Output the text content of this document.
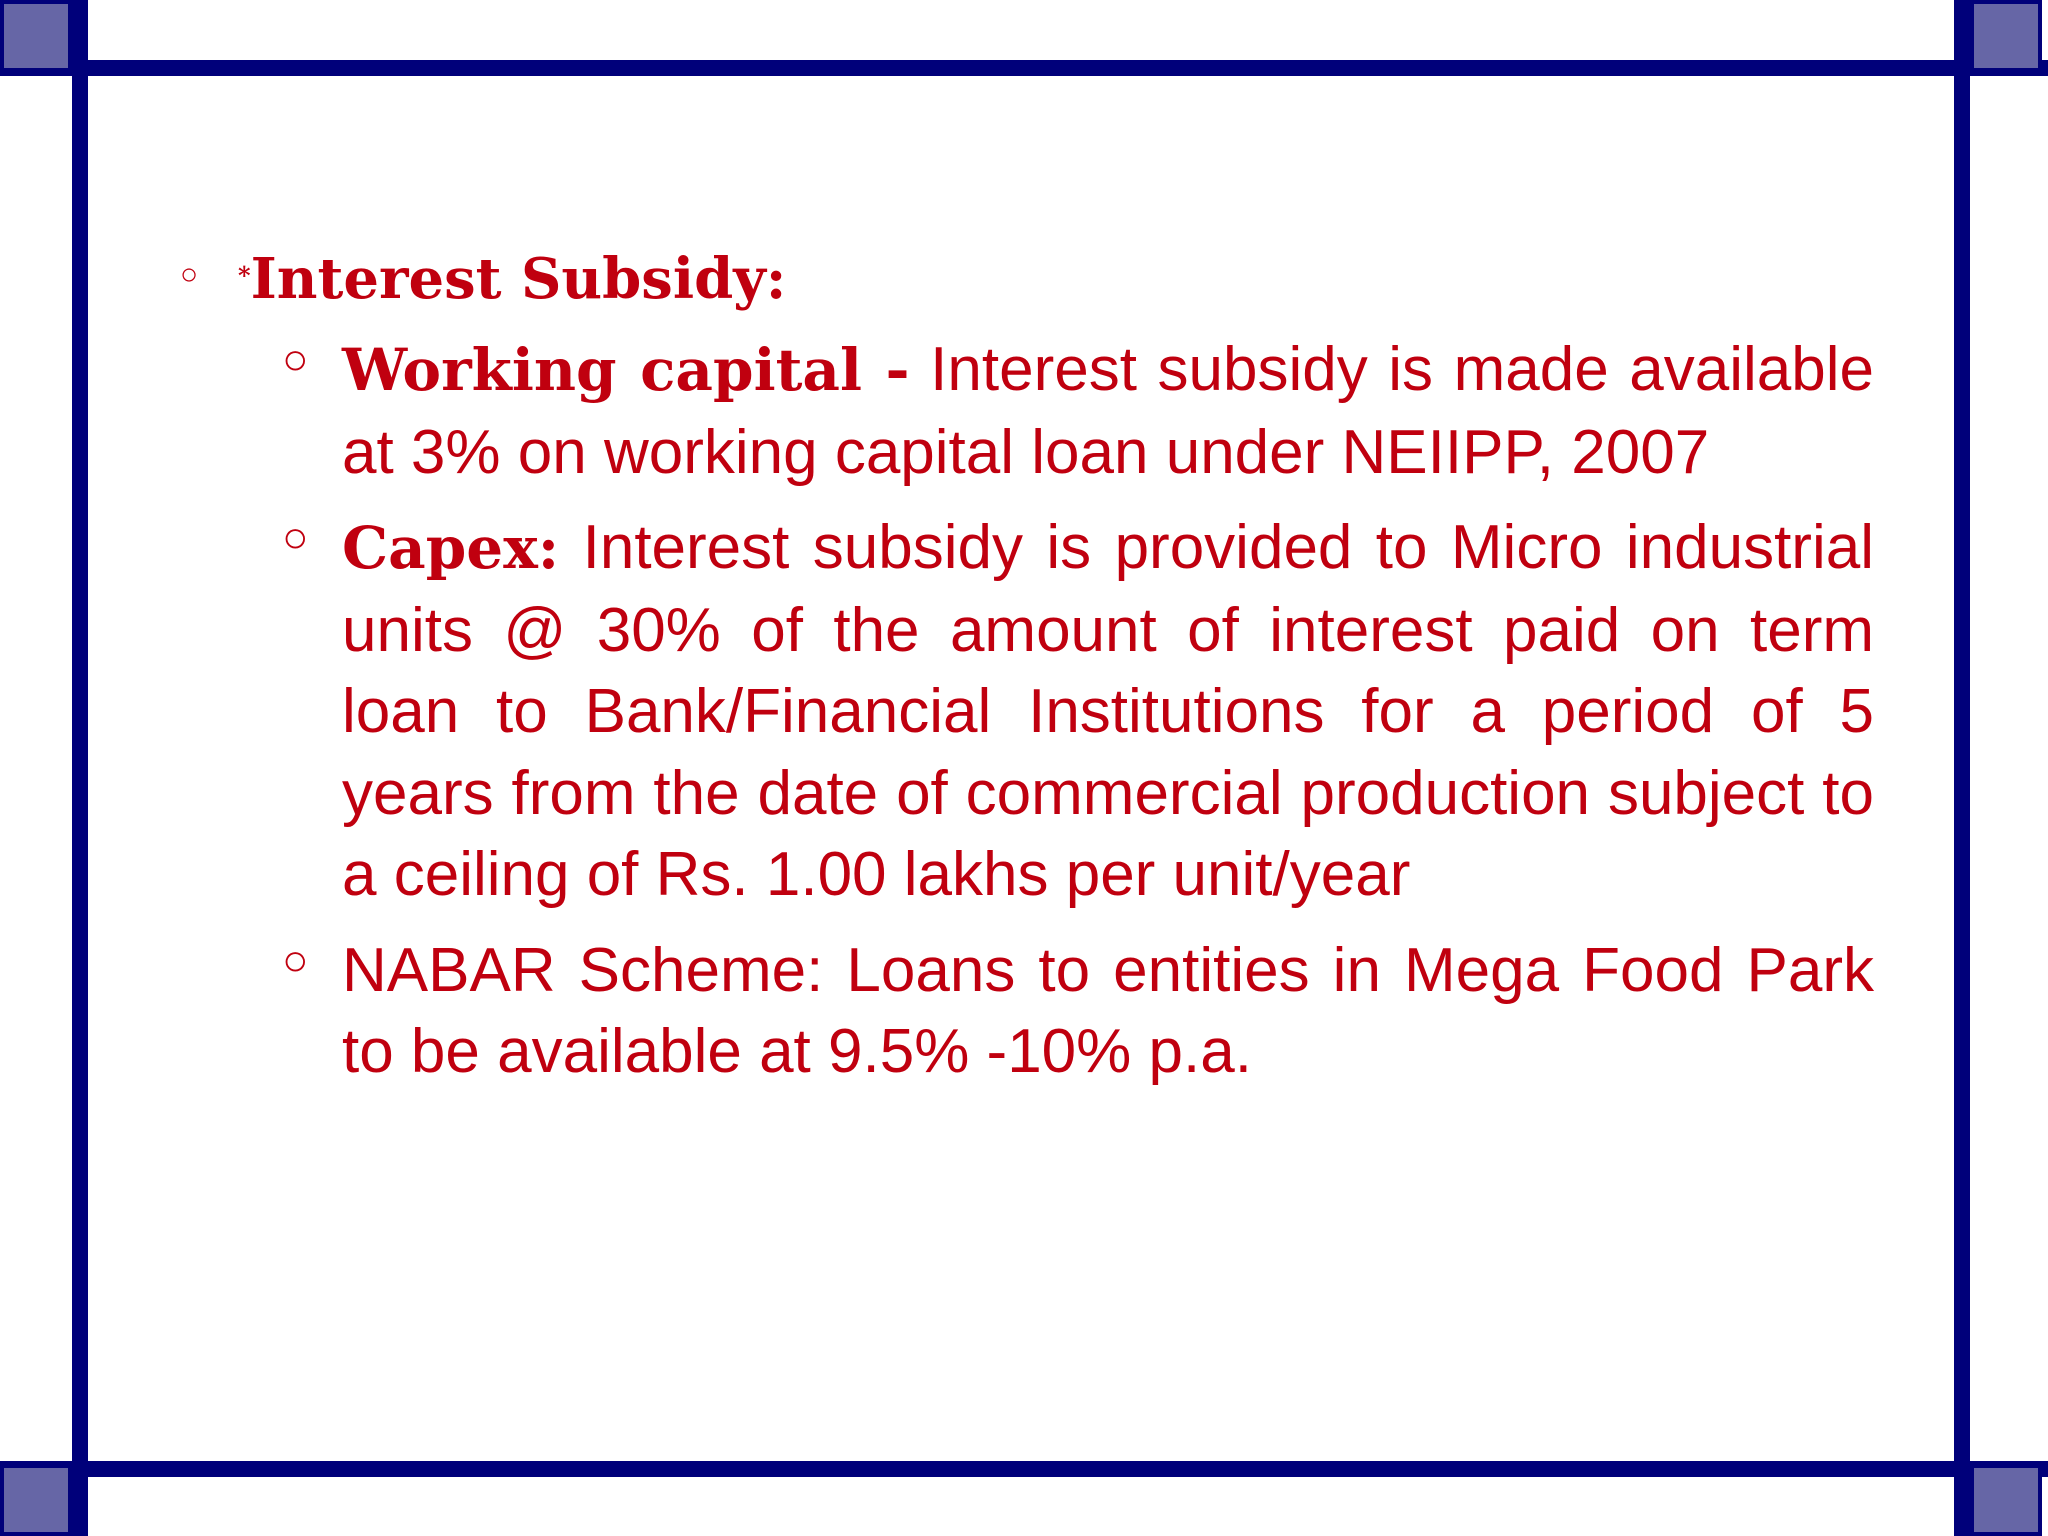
○ *Interest Subsidy:
○ Working capital - Interest subsidy is made available at 3% on working capital loan under NEIIPP, 2007
○ Capex: Interest subsidy is provided to Micro industrial units @ 30% of the amount of interest paid on term loan to Bank/Financial Institutions for a period of 5 years from the date of commercial production subject to a ceiling of Rs. 1.00 lakhs per unit/year
○ NABAR Scheme: Loans to entities in Mega Food Park to be available at 9.5% -10% p.a.
